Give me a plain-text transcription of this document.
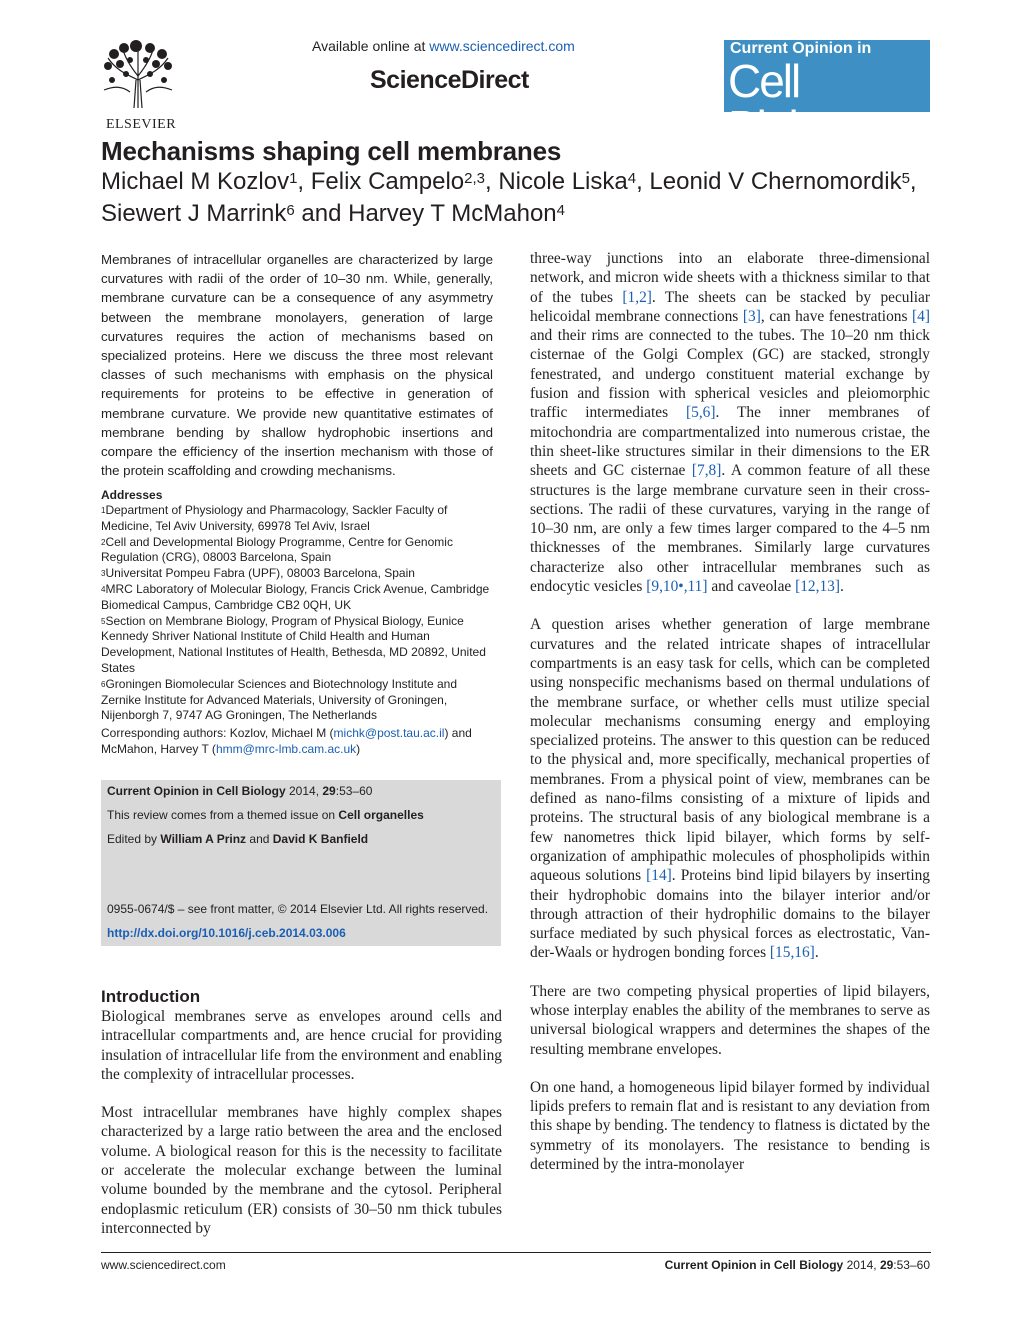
ELSEVIER
Available online at www.sciencedirect.com
ScienceDirect
Current Opinion in
Cell Biology
Mechanisms shaping cell membranes
Michael M Kozlov$^1$, Felix Campelo$^{2,3}$, Nicole Liska$^4$, Leonid V Chernomordik$^5$,
Siewert J Marrink$^6$ and Harvey T McMahon$^4$
Membranes of intracellular organelles are characterized by large curvatures with radii of the order of 10–30 nm. While, generally, membrane curvature can be a consequence of any asymmetry between the membrane monolayers, generation of large curvatures requires the action of mechanisms based on specialized proteins. Here we discuss the three most relevant classes of such mechanisms with emphasis on the physical requirements for proteins to be effective in generation of membrane curvature. We provide new quantitative estimates of membrane bending by shallow hydrophobic insertions and compare the efficiency of the insertion mechanism with those of the protein scaffolding and crowding mechanisms.
Addresses
$^1$Department of Physiology and Pharmacology, Sackler Faculty of Medicine, Tel Aviv University, 69978 Tel Aviv, Israel
$^2$Cell and Developmental Biology Programme, Centre for Genomic Regulation (CRG), 08003 Barcelona, Spain
$^3$Universitat Pompeu Fabra (UPF), 08003 Barcelona, Spain
$^4$MRC Laboratory of Molecular Biology, Francis Crick Avenue, Cambridge Biomedical Campus, Cambridge CB2 0QH, UK
$^5$Section on Membrane Biology, Program of Physical Biology, Eunice Kennedy Shriver National Institute of Child Health and Human Development, National Institutes of Health, Bethesda, MD 20892, United States
$^6$Groningen Biomolecular Sciences and Biotechnology Institute and Zernike Institute for Advanced Materials, University of Groningen, Nijenborgh 7, 9747 AG Groningen, The Netherlands
Corresponding authors: Kozlov, Michael M (michk@post.tau.ac.il) and McMahon, Harvey T (hmm@mrc-lmb.cam.ac.uk)
Current Opinion in Cell Biology 2014, 29:53–60
This review comes from a themed issue on Cell organelles
Edited by William A Prinz and David K Banfield
0955-0674/$ – see front matter, © 2014 Elsevier Ltd. All rights reserved.
http://dx.doi.org/10.1016/j.ceb.2014.03.006
Introduction

Biological membranes serve as envelopes around cells and intracellular compartments and, are hence crucial for providing insulation of intracellular life from the environment and enabling the complexity of intracellular processes.

Most intracellular membranes have highly complex shapes characterized by a large ratio between the area and the enclosed volume. A biological reason for this is the necessity to facilitate or accelerate the molecular exchange between the luminal volume bounded by the membrane and the cytosol. Peripheral endoplasmic reticulum (ER) consists of 30–50 nm thick tubules interconnected by

three-way junctions into an elaborate three-dimensional network, and micron wide sheets with a thickness similar to that of the tubes [1,2]. The sheets can be stacked by peculiar helicoidal membrane connections [3], can have fenestrations [4] and their rims are connected to the tubes. The 10–20 nm thick cisternae of the Golgi Complex (GC) are stacked, strongly fenestrated, and undergo constituent material exchange by fusion and fission with spherical vesicles and pleiomorphic traffic intermediates [5,6]. The inner membranes of mitochondria are compartmentalized into numerous cristae, the thin sheet-like structures similar in their dimensions to the ER sheets and GC cisternae [7,8]. A common feature of all these structures is the large membrane curvature seen in their cross-sections. The radii of these curvatures, varying in the range of 10–30 nm, are only a few times larger compared to the 4–5 nm thicknesses of the membranes. Similarly large curvatures characterize also other intracellular membranes such as endocytic vesicles [9,10•,11] and caveolae [12,13].

A question arises whether generation of large membrane curvatures and the related intricate shapes of intracellular compartments is an easy task for cells, which can be completed using nonspecific mechanisms based on thermal undulations of the membrane surface, or whether cells must utilize special molecular mechanisms consuming energy and employing specialized proteins. The answer to this question can be reduced to the physical and, more specifically, mechanical properties of membranes. From a physical point of view, membranes can be defined as nano-films consisting of a mixture of lipids and proteins. The structural basis of any biological membrane is a few nanometres thick lipid bilayer, which forms by self-organization of amphipathic molecules of phospholipids within aqueous solutions [14]. Proteins bind lipid bilayers by inserting their hydrophobic domains into the bilayer interior and/or through attraction of their hydrophilic domains to the bilayer surface mediated by such physical forces as electrostatic, Van-der-Waals or hydrogen bonding forces [15,16].

There are two competing physical properties of lipid bilayers, whose interplay enables the ability of the membranes to serve as universal biological wrappers and determines the shapes of the resulting membrane envelopes.

On one hand, a homogeneous lipid bilayer formed by individual lipids prefers to remain flat and is resistant to any deviation from this shape by bending. The tendency to flatness is dictated by the symmetry of its monolayers. The resistance to bending is determined by the intra-monolayer

www.sciencedirect.com	Current Opinion in Cell Biology 2014, 29:53–60
